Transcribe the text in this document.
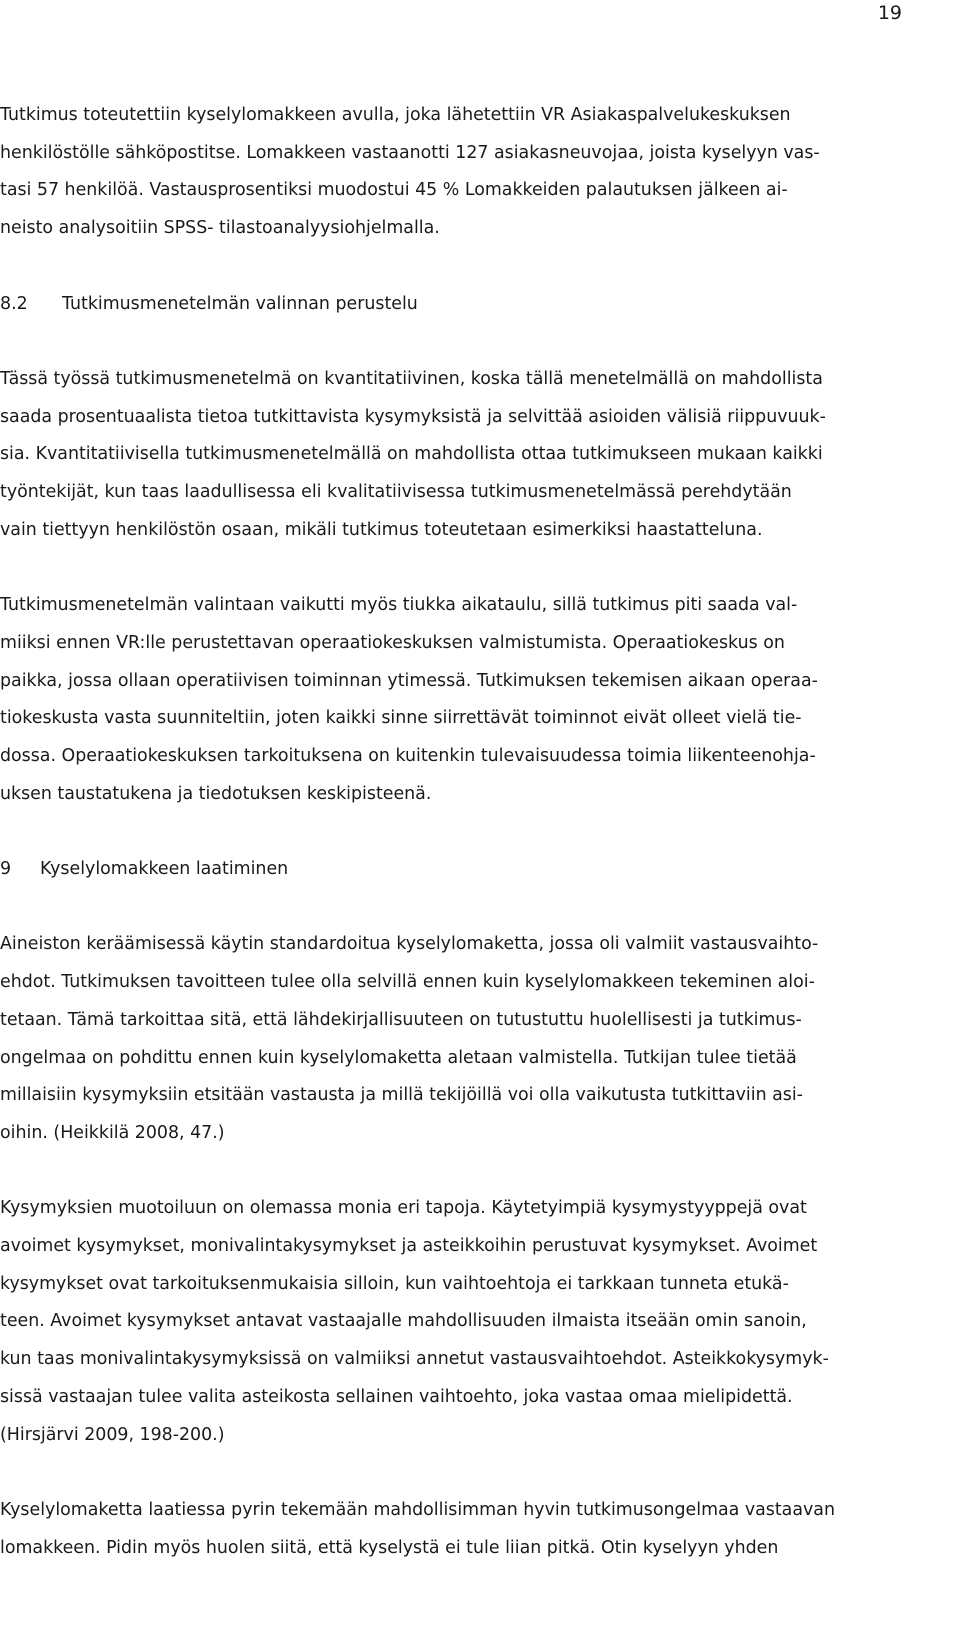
19

Tutkimus toteutettiin kyselylomakkeen avulla, joka lähetettiin VR Asiakaspalvelukeskuksen
henkilöstölle sähköpostitse. Lomakkeen vastaanotti 127 asiakasneuvojaa, joista kyselyyn vas-
tasi 57 henkilöä. Vastausprosentiksi muodostui 45 % Lomakkeiden palautuksen jälkeen ai-
neisto analysoitiin SPSS- tilastoanalyysiohjelmalla.

8.2 Tutkimusmenetelmän valinnan perustelu

Tässä työssä tutkimusmenetelmä on kvantitatiivinen, koska tällä menetelmällä on mahdollista
saada prosentuaalista tietoa tutkittavista kysymyksistä ja selvittää asioiden välisiä riippuvuuk-
sia. Kvantitatiivisella tutkimusmenetelmällä on mahdollista ottaa tutkimukseen mukaan kaikki
työntekijät, kun taas laadullisessa eli kvalitatiivisessa tutkimusmenetelmässä perehdytään
vain tiettyyn henkilöstön osaan, mikäli tutkimus toteutetaan esimerkiksi haastatteluna.

Tutkimusmenetelmän valintaan vaikutti myös tiukka aikataulu, sillä tutkimus piti saada val-
miiksi ennen VR:lle perustettavan operaatiokeskuksen valmistumista. Operaatiokeskus on
paikka, jossa ollaan operatiivisen toiminnan ytimessä. Tutkimuksen tekemisen aikaan operaa-
tiokeskusta vasta suunniteltiin, joten kaikki sinne siirrettävät toiminnot eivät olleet vielä tie-
dossa. Operaatiokeskuksen tarkoituksena on kuitenkin tulevaisuudessa toimia liikenteenohja-
uksen taustatukena ja tiedotuksen keskipisteenä.

9 Kyselylomakkeen laatiminen

Aineiston keräämisessä käytin standardoitua kyselylomaketta, jossa oli valmiit vastausvaihto-
ehdot. Tutkimuksen tavoitteen tulee olla selvillä ennen kuin kyselylomakkeen tekeminen aloi-
tetaan. Tämä tarkoittaa sitä, että lähdekirjallisuuteen on tutustuttu huolellisesti ja tutkimus-
ongelmaa on pohdittu ennen kuin kyselylomaketta aletaan valmistella. Tutkijan tulee tietää
millaisiin kysymyksiin etsitään vastausta ja millä tekijöillä voi olla vaikutusta tutkittaviin asi-
oihin. (Heikkilä 2008, 47.)

Kysymyksien muotoiluun on olemassa monia eri tapoja. Käytetyimpiä kysymystyyppejä ovat
avoimet kysymykset, monivalintakysymykset ja asteikkoihin perustuvat kysymykset. Avoimet
kysymykset ovat tarkoituksenmukaisia silloin, kun vaihtoehtoja ei tarkkaan tunneta etukä-
teen. Avoimet kysymykset antavat vastaajalle mahdollisuuden ilmaista itseään omin sanoin,
kun taas monivalintakysymyksissä on valmiiksi annetut vastausvaihtoehdot. Asteikkokysymyk-
sissä vastaajan tulee valita asteikosta sellainen vaihtoehto, joka vastaa omaa mielipidettä.
(Hirsjärvi 2009, 198-200.)

Kyselylomaketta laatiessa pyrin tekemään mahdollisimman hyvin tutkimusongelmaa vastaavan
lomakkeen. Pidin myös huolen siitä, että kyselystä ei tule liian pitkä. Otin kyselyyn yhden
